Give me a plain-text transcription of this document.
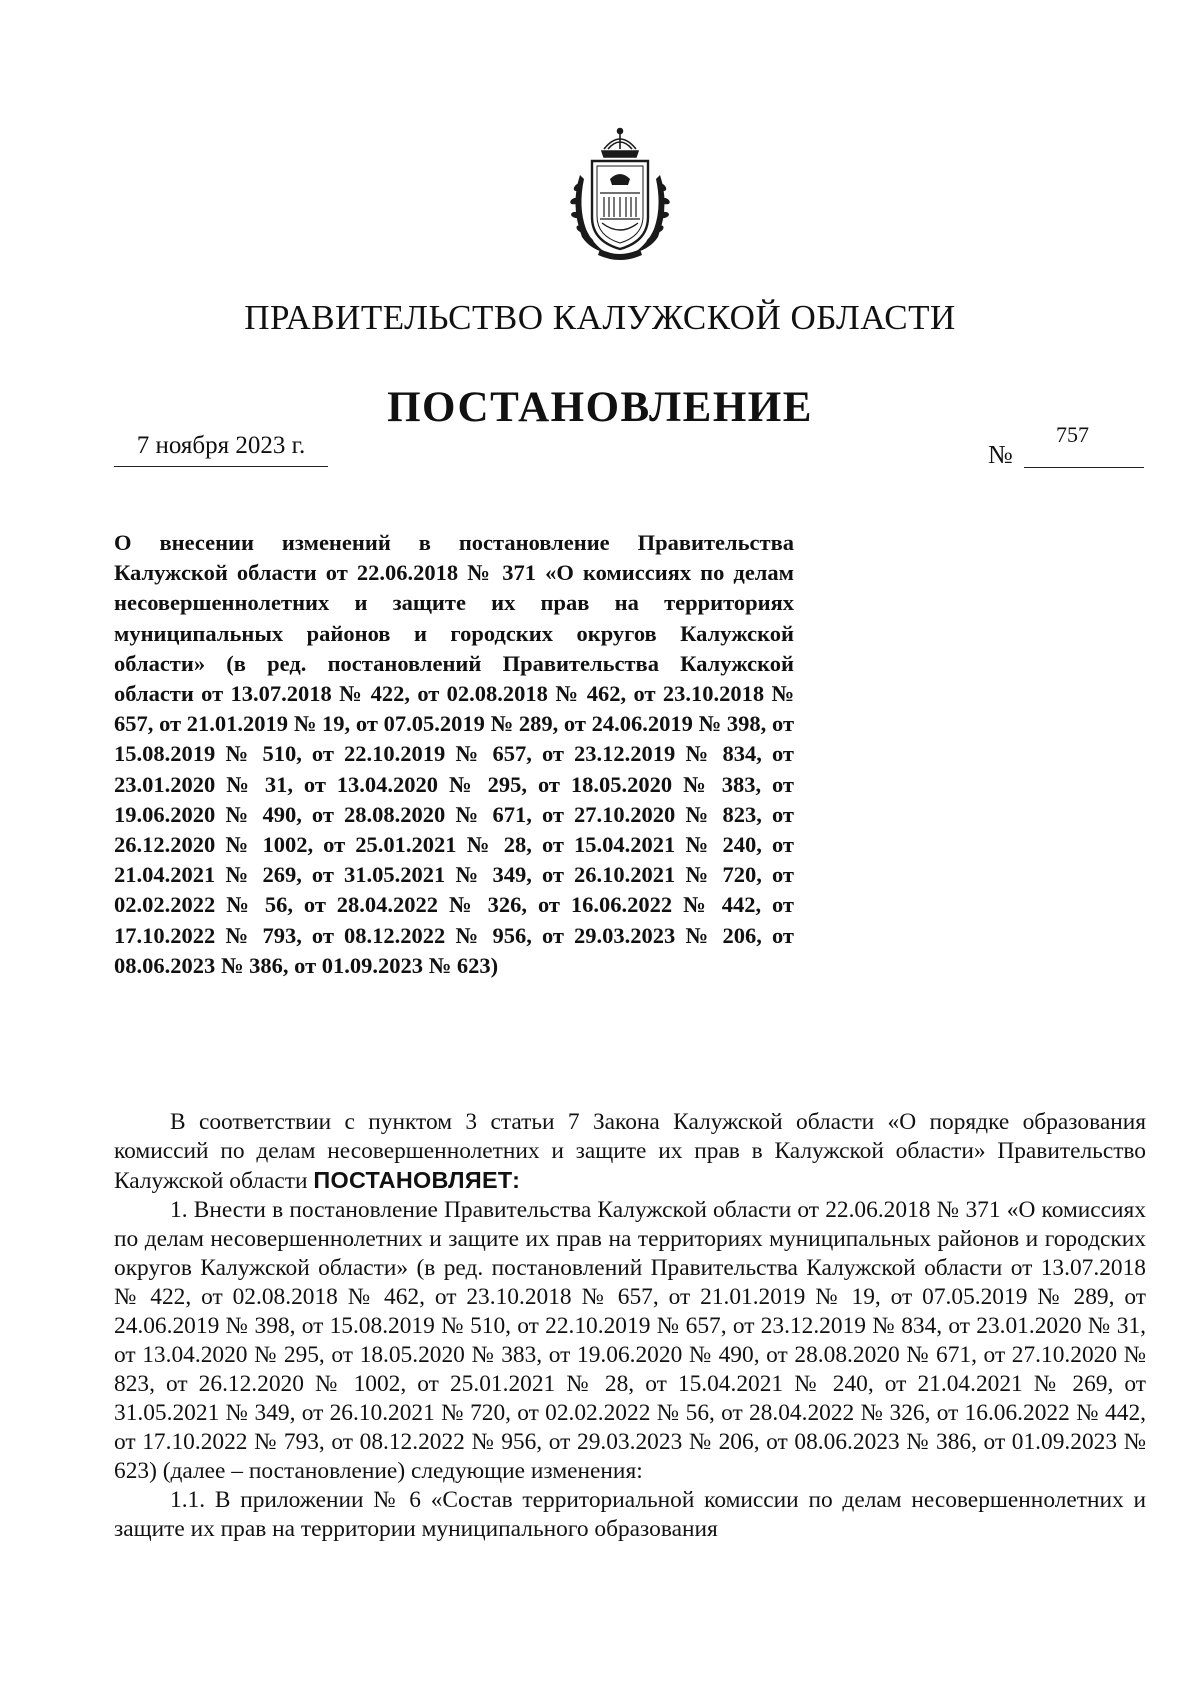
ПРАВИТЕЛЬСТВО КАЛУЖСКОЙ ОБЛАСТИ
ПОСТАНОВЛЕНИЕ
7 ноября 2023 г.	№
757

О внесении изменений в постановление Правительства Калужской области от 22.06.2018 № 371 «О комиссиях по делам несовершеннолетних и защите их прав на территориях муниципальных районов и городских округов Калужской области» (в ред. постановлений Правительства Калужской области от 13.07.2018 № 422, от 02.08.2018 № 462, от 23.10.2018 № 657, от 21.01.2019 № 19, от 07.05.2019 № 289, от 24.06.2019 № 398, от 15.08.2019 № 510, от 22.10.2019 № 657, от 23.12.2019 № 834, от 23.01.2020 № 31, от 13.04.2020 № 295, от 18.05.2020 № 383, от 19.06.2020 № 490, от 28.08.2020 № 671, от 27.10.2020 № 823, от 26.12.2020 № 1002, от 25.01.2021 № 28, от 15.04.2021 № 240, от 21.04.2021 № 269, от 31.05.2021 № 349, от 26.10.2021 № 720, от 02.02.2022 № 56, от 28.04.2022 № 326, от 16.06.2022 № 442, от 17.10.2022 № 793, от 08.12.2022 № 956, от 29.03.2023 № 206, от 08.06.2023 № 386, от 01.09.2023 № 623)

В соответствии с пунктом 3 статьи 7 Закона Калужской области «О порядке образования комиссий по делам несовершеннолетних и защите их прав в Калужской области» Правительство Калужской области ПОСТАНОВЛЯЕТ:

1. Внести в постановление Правительства Калужской области от 22.06.2018 № 371 «О комиссиях по делам несовершеннолетних и защите их прав на территориях муниципальных районов и городских округов Калужской области» (в ред. постановлений Правительства Калужской области от 13.07.2018 № 422, от 02.08.2018 № 462, от 23.10.2018 № 657, от 21.01.2019 № 19, от 07.05.2019 № 289, от 24.06.2019 № 398, от 15.08.2019 № 510, от 22.10.2019 № 657, от 23.12.2019 № 834, от 23.01.2020 № 31, от 13.04.2020 № 295, от 18.05.2020 № 383, от 19.06.2020 № 490, от 28.08.2020 № 671, от 27.10.2020 № 823, от 26.12.2020 № 1002, от 25.01.2021 № 28, от 15.04.2021 № 240, от 21.04.2021 № 269, от 31.05.2021 № 349, от 26.10.2021 № 720, от 02.02.2022 № 56, от 28.04.2022 № 326, от 16.06.2022 № 442, от 17.10.2022 № 793, от 08.12.2022 № 956, от 29.03.2023 № 206, от 08.06.2023 № 386, от 01.09.2023 № 623) (далее – постановление) следующие изменения:

1.1. В приложении № 6 «Состав территориальной комиссии по делам несовершеннолетних и защите их прав на территории муниципального образования
